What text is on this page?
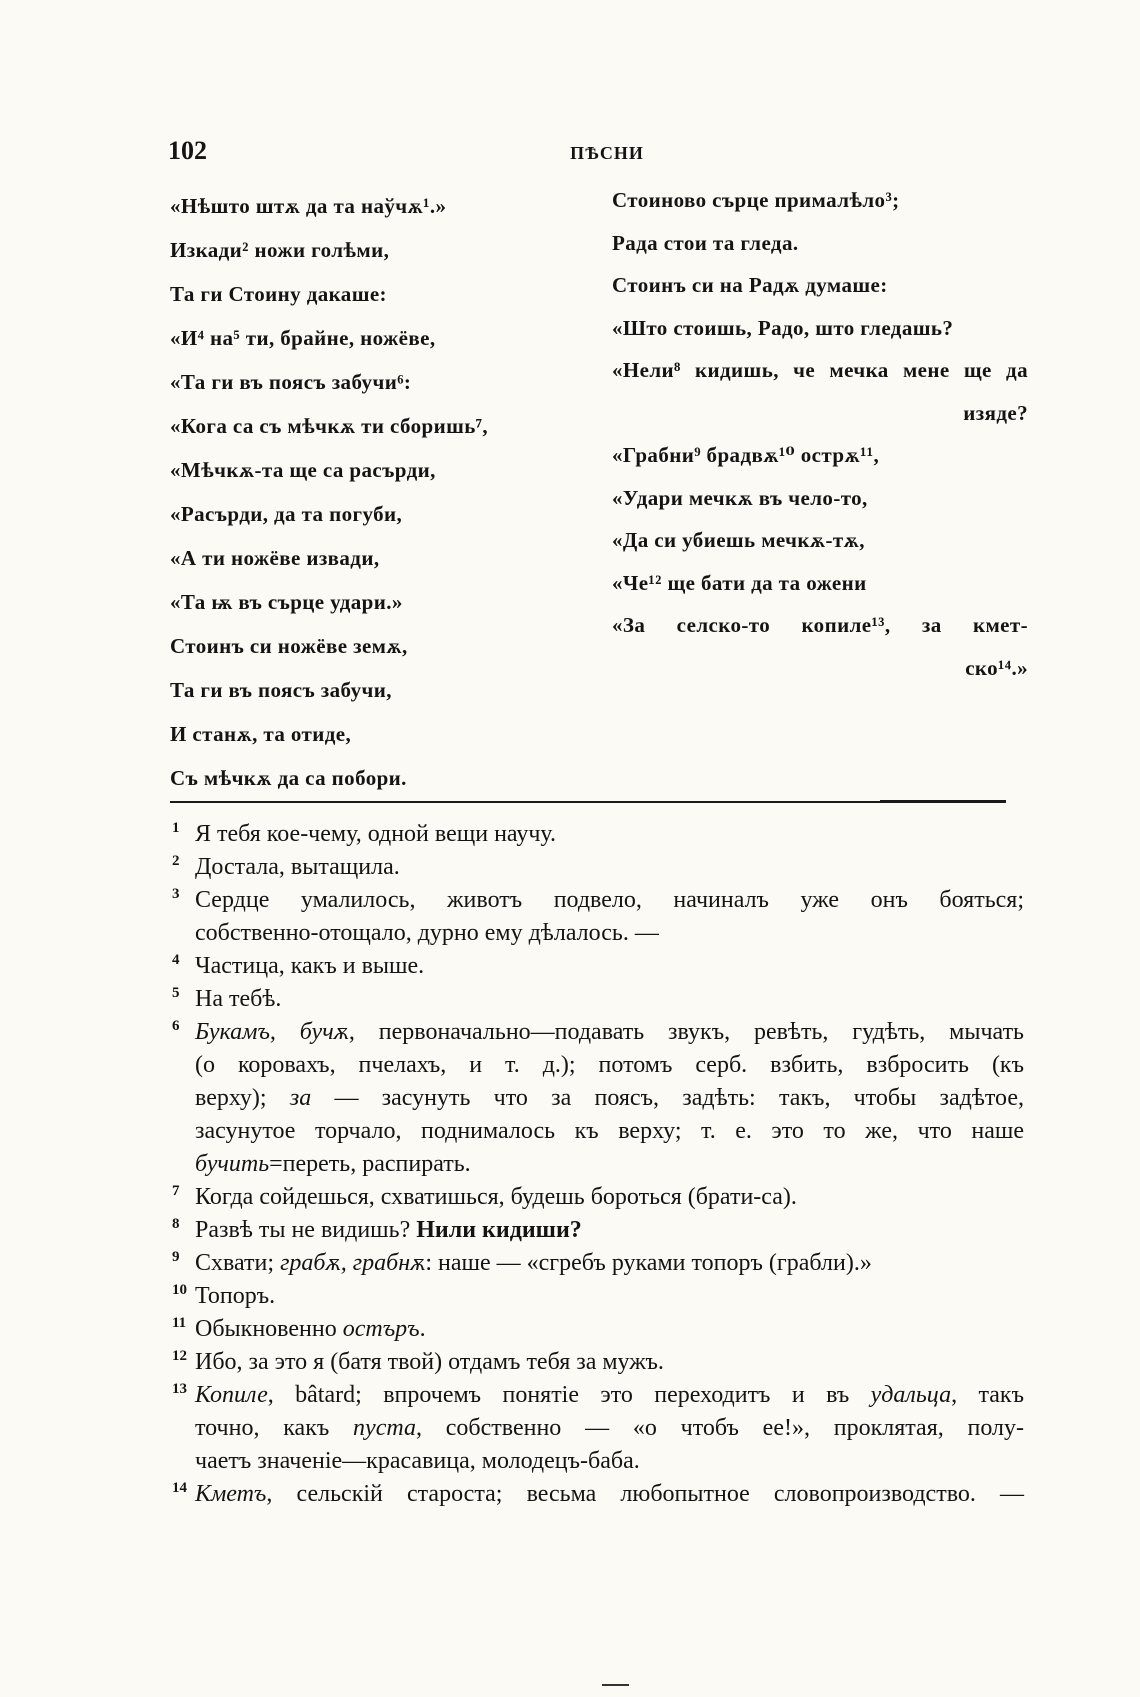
102	ПѢСНИ
«Нѣшто штѫ да та наўчѫ¹.»
Изкади² ножи голѣми,
Та ги Стоину дакаше:
«И⁴ на⁵ ти, брайне, ножёве,
«Та ги въ поясъ забучи⁶:
«Кога са съ мѣчкѫ ти сборишь⁷,
«Мѣчкѫ-та ще са расърди,
«Расърди, да та погуби,
«А ти ножёве извади,
«Та ѭ въ сърце удари.»
Стоинъ си ножёве земѫ,
Та ги въ поясъ забучи,
И станѫ, та отиде,
Съ мѣчкѫ да са побори.
Стоиново сърце прималѣло³;
Рада стои та гледа.
Стоинъ си на Радѫ думаше:
«Што стоишь, Радо, што гледашь?
«Нели⁸ кидишь, че мечка мене ще да
изяде?
«Грабни⁹ брадвѫ¹⁰ острѫ¹¹,
«Удари мечкѫ въ чело-то,
«Да си убиешь мечкѫ-тѫ,
«Че¹² ще бати да та ожени
«За селско-то копиле¹³, за кмет-
ско¹⁴.»
1 Я тебя кое-чему, одной вещи научу.
2 Достала, вытащила.
3 Сердце умалилось, животъ подвело, начиналъ уже онъ бояться;
собственно-отощало, дурно ему дѣлалось. —
4 Частица, какъ и выше.
5 На тебѣ.
6 Букамъ, бучѫ, первоначально—подавать звукъ, ревѣть, гудѣть, мычать
(о коровахъ, пчелахъ, и т. д.); потомъ серб. взбить, взбросить (къ
верху); за — засунуть что за поясъ, задѣть: такъ, чтобы задѣтое,
засунутое торчало, поднималось къ верху; т. е. это то же, что наше
бучить=переть, распирать.
7 Когда сойдешься, схватишься, будешь бороться (брати-са).
8 Развѣ ты не видишь? Нили кидиши?
9 Схвати; грабѫ, грабнѫ: наше — «сгребъ руками топоръ (грабли).»
10 Топоръ.
11 Обыкновенно остъръ.
12 Ибо, за это я (батя твой) отдамъ тебя за мужъ.
13 Копиле, bâtard; впрочемъ понятіе это переходитъ и въ удальца, такъ
точно, какъ пуста, собственно — «о чтобъ ее!», проклятая, полу-
чаетъ значеніе—красавица, молодецъ-баба.
14 Кметъ, сельскій староста; весьма любопытное словопроизводство. —
